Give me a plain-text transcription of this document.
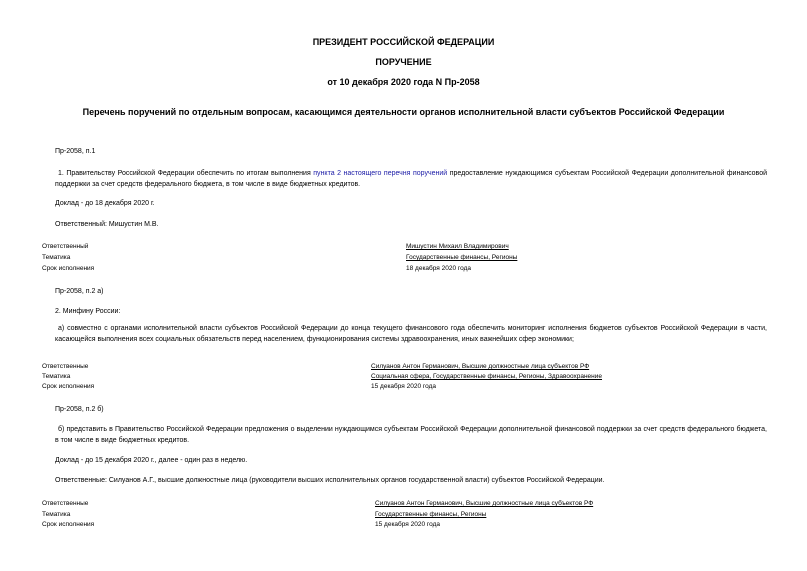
ПРЕЗИДЕНТ РОССИЙСКОЙ ФЕДЕРАЦИИ
ПОРУЧЕНИЕ
от 10 декабря 2020 года N Пр-2058
Перечень поручений по отдельным вопросам, касающимся деятельности органов исполнительной власти субъектов Российской Федерации
Пр-2058, п.1
1. Правительству Российской Федерации обеспечить по итогам выполнения пункта 2 настоящего перечня поручений предоставление нуждающимся субъектам Российской Федерации дополнительной финансовой поддержки за счет средств федерального бюджета, в том числе в виде бюджетных кредитов.
Доклад - до 18 декабря 2020 г.
Ответственный: Мишустин М.В.
Ответственный	Мишустин Михаил Владимирович
Тематика	Государственные финансы, Регионы
Срок исполнения	18 декабря 2020 года
Пр-2058, п.2 а)
2. Минфину России:
а) совместно с органами исполнительной власти субъектов Российской Федерации до конца текущего финансового года обеспечить мониторинг исполнения бюджетов субъектов Российской Федерации в части, касающейся выполнения всех социальных обязательств перед населением, функционирования системы здравоохранения, иных важнейших сфер экономики;
Ответственные	Силуанов Антон Германович, Высшие должностные лица субъектов РФ
Тематика	Социальная сфера, Государственные финансы, Регионы, Здравоохранение
Срок исполнения	15 декабря 2020 года
Пр-2058, п.2 б)
б) представить в Правительство Российской Федерации предложения о выделении нуждающимся субъектам Российской Федерации дополнительной финансовой поддержки за счет средств федерального бюджета, в том числе в виде бюджетных кредитов.
Доклад - до 15 декабря 2020 г., далее - один раз в неделю.
Ответственные: Силуанов А.Г., высшие должностные лица (руководители высших исполнительных органов государственной власти) субъектов Российской Федерации.
Ответственные	Силуанов Антон Германович, Высшие должностные лица субъектов РФ
Тематика	Государственные финансы, Регионы
Срок исполнения	15 декабря 2020 года
